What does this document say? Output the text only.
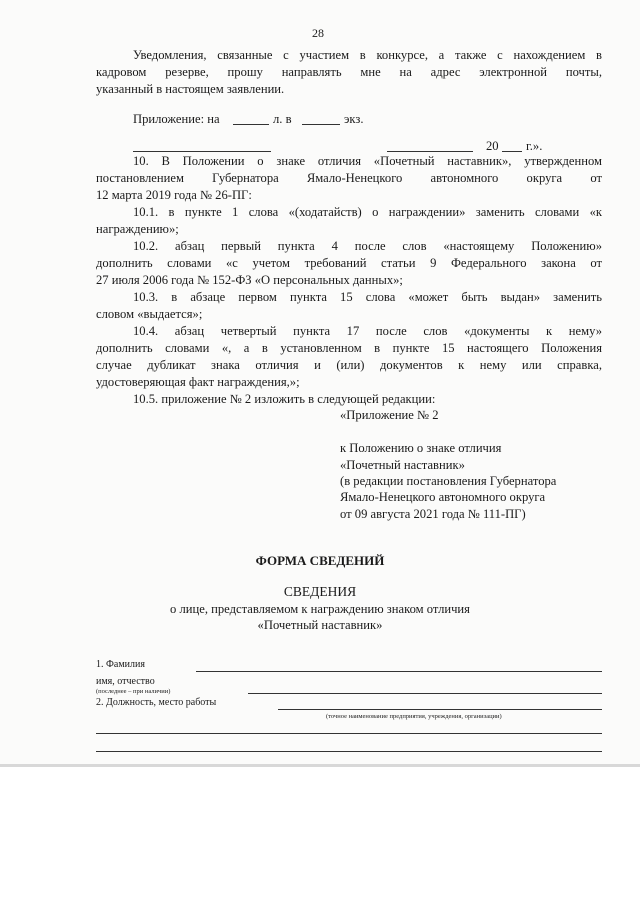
28
Уведомления, связанные с участием в конкурсе, а также с нахождением в
кадровом резерве, прошу направлять мне на адрес электронной почты,
указанный в настоящем заявлении.
Приложение: на	л. в	экз.
20 г.».
10. В Положении о знаке отличия «Почетный наставник», утвержденном
постановлением Губернатора Ямало-Ненецкого автономного округа от
12 марта 2019 года № 26-ПГ:
10.1. в пункте 1 слова «(ходатайств) о награждении» заменить словами «к
награждению»;
10.2. абзац первый пункта 4 после слов «настоящему Положению»
дополнить словами «с учетом требований статьи 9 Федерального закона от
27 июля 2006 года № 152-ФЗ «О персональных данных»;
10.3. в абзаце первом пункта 15 слова «может быть выдан» заменить
словом «выдается»;
10.4. абзац четвертый пункта 17 после слов «документы к нему»
дополнить словами «, а в установленном в пункте 15 настоящего Положения
случае дубликат знака отличия и (или) документов к нему или справка,
удостоверяющая факт награждения,»;
10.5. приложение № 2 изложить в следующей редакции:
«Приложение № 2
к Положению о знаке отличия
«Почетный наставник»
(в редакции постановления Губернатора
Ямало-Ненецкого автономного округа
от 09 августа 2021 года № 111-ПГ)
ФОРМА СВЕДЕНИЙ
СВЕДЕНИЯ
о лице, представляемом к награждению знаком отличия
«Почетный наставник»
1. Фамилия
имя, отчество
(последнее – при наличии)
2. Должность, место работы
(точное наименование предприятия, учреждения, организации)
